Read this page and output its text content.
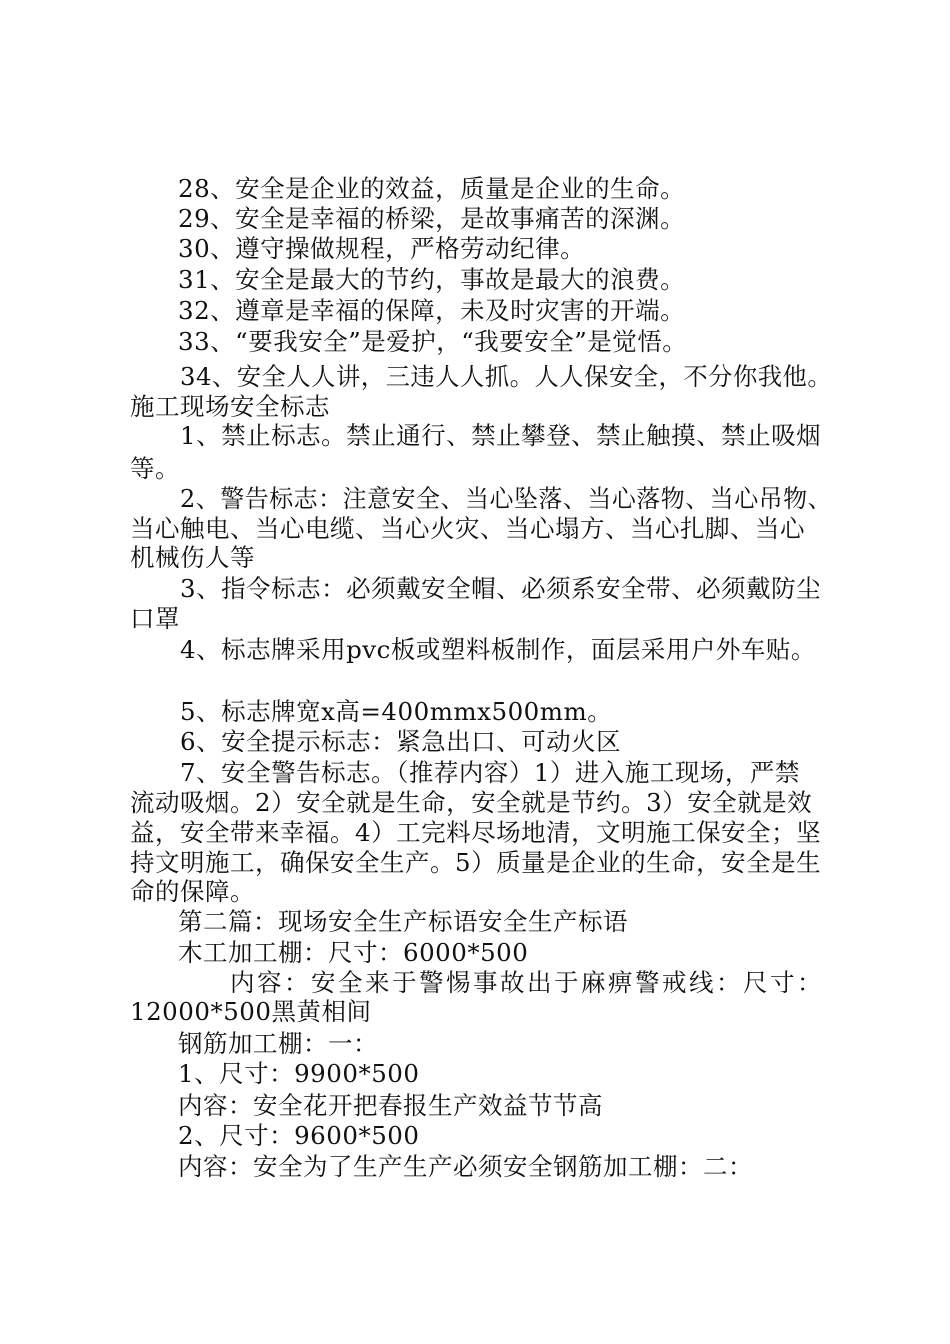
28、安全是企业的效益，质量是企业的生命。
29、安全是幸福的桥梁，是故事痛苦的深渊。
30、遵守操做规程，严格劳动纪律。
31、安全是最大的节约，事故是最大的浪费。
32、遵章是幸福的保障，未及时灾害的开端。
33、“要我安全”是爱护，“我要安全”是觉悟。
34、安全人人讲，三违人人抓。人人保安全，不分你我他。
施工现场安全标志
1、禁止标志。禁止通行、禁止攀登、禁止触摸、禁止吸烟
等。
2、警告标志：注意安全、当心坠落、当心落物、当心吊物、
当心触电、当心电缆、当心火灾、当心塌方、当心扎脚、当心
机械伤人等
3、指令标志：必须戴安全帽、必须系安全带、必须戴防尘
口罩
4、标志牌采用pvc板或塑料板制作，面层采用户外车贴。
5、标志牌宽x高=400mmx500mm。
6、安全提示标志：紧急出口、可动火区
7、安全警告标志。（推荐内容）1）进入施工现场，严禁
流动吸烟。2）安全就是生命，安全就是节约。3）安全就是效
益，安全带来幸福。4）工完料尽场地清，文明施工保安全；坚
持文明施工，确保安全生产。5）质量是企业的生命，安全是生
命的保障。
第二篇：现场安全生产标语安全生产标语
木工加工棚：尺寸：6000*500
内容：安全来于警惕事故出于麻痹警戒线：尺寸：
12000*500黑黄相间
钢筋加工棚：一：
1、尺寸：9900*500
内容：安全花开把春报生产效益节节高
2、尺寸：9600*500
内容：安全为了生产生产必须安全钢筋加工棚：二：
